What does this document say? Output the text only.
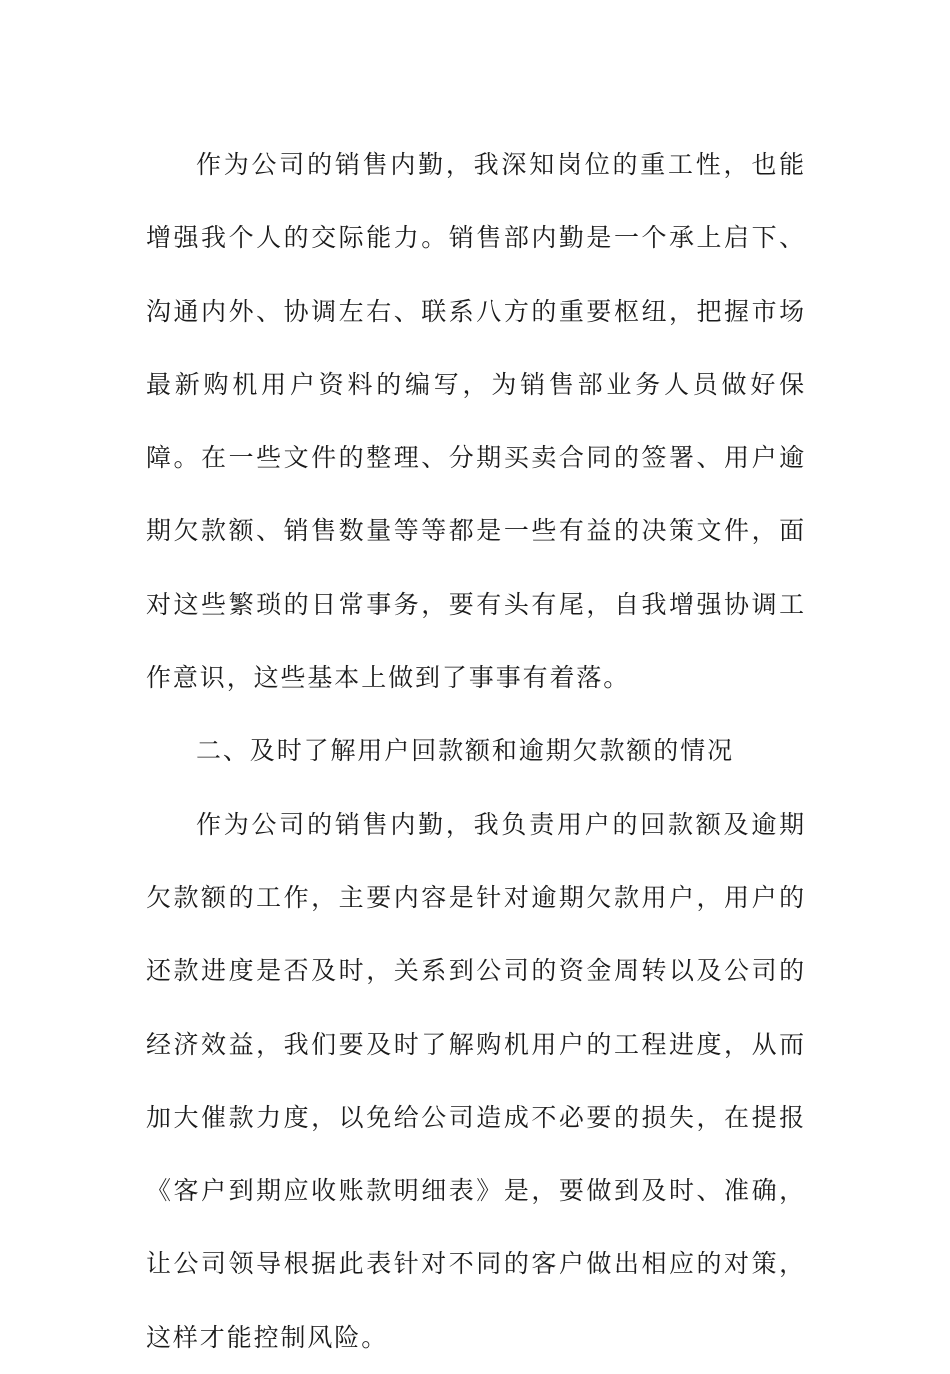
作为公司的销售内勤，我深知岗位的重工性，也能增强我个人的交际能力。销售部内勤是一个承上启下、沟通内外、协调左右、联系八方的重要枢纽，把握市场最新购机用户资料的编写，为销售部业务人员做好保障。在一些文件的整理、分期买卖合同的签署、用户逾期欠款额、销售数量等等都是一些有益的决策文件，面对这些繁琐的日常事务，要有头有尾，自我增强协调工作意识，这些基本上做到了事事有着落。

二、及时了解用户回款额和逾期欠款额的情况

作为公司的销售内勤，我负责用户的回款额及逾期欠款额的工作，主要内容是针对逾期欠款用户，用户的还款进度是否及时，关系到公司的资金周转以及公司的经济效益，我们要及时了解购机用户的工程进度，从而加大催款力度，以免给公司造成不必要的损失，在提报《客户到期应收账款明细表》是，要做到及时、准确，让公司领导根据此表针对不同的客户做出相应的对策，这样才能控制风险。
